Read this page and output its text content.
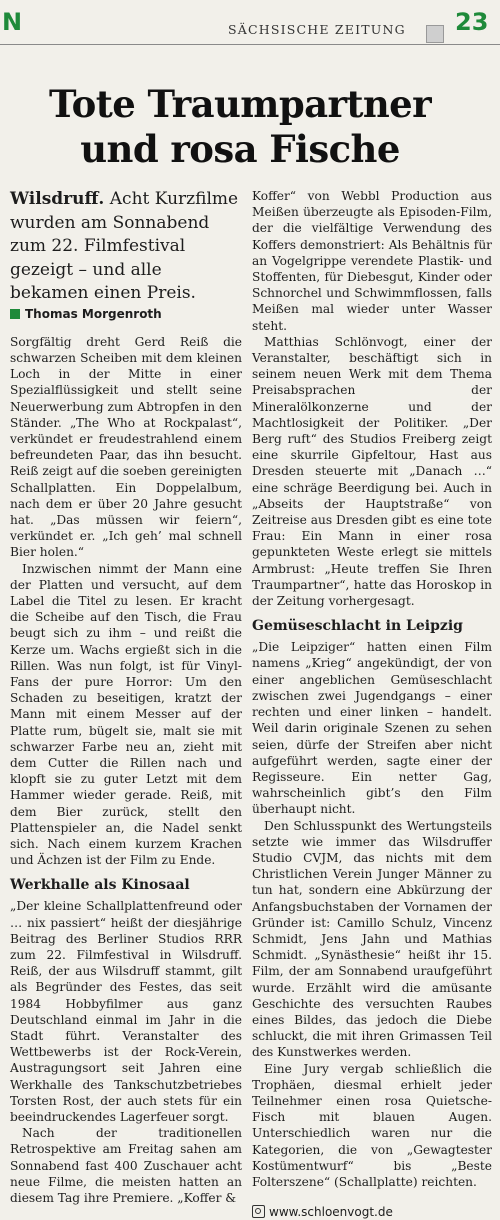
N	SÄCHSISCHE ZEITUNG 23
Tote Traumpartner und rosa Fische

Wilsdruff. Acht Kurzfilme wurden am Sonnabend zum 22. Filmfestival gezeigt – und alle bekamen einen Preis.

Thomas Morgenroth

Sorgfältig dreht Gerd Reiß die schwarzen Scheiben mit dem kleinen Loch in der Mitte in einer Spezialflüssigkeit und stellt seine Neuerwerbung zum Abtropfen in den Ständer. „The Who at Rockpalast“, verkündet er freudestrahlend einem befreundeten Paar, das ihn besucht. Reiß zeigt auf die soeben gereinigten Schallplatten. Ein Doppelalbum, nach dem er über 20 Jahre gesucht hat. „Das müssen wir feiern“, verkündet er. „Ich geh’ mal schnell Bier holen.“

Inzwischen nimmt der Mann eine der Platten und versucht, auf dem Label die Titel zu lesen. Er kracht die Scheibe auf den Tisch, die Frau beugt sich zu ihm – und reißt die Kerze um. Wachs ergießt sich in die Rillen. Was nun folgt, ist für Vinyl-Fans der pure Horror: Um den Schaden zu beseitigen, kratzt der Mann mit einem Messer auf der Platte rum, bügelt sie, malt sie mit schwarzer Farbe neu an, zieht mit dem Cutter die Rillen nach und klopft sie zu guter Letzt mit dem Hammer wieder gerade. Reiß, mit dem Bier zurück, stellt den Plattenspieler an, die Nadel senkt sich. Nach einem kurzem Krachen und Ächzen ist der Film zu Ende.

Werkhalle als Kinosaal

„Der kleine Schallplattenfreund oder … nix passiert“ heißt der diesjährige Beitrag des Berliner Studios RRR zum 22. Filmfestival in Wilsdruff. Reiß, der aus Wilsdruff stammt, gilt als Begründer des Festes, das seit 1984 Hobbyfilmer aus ganz Deutschland einmal im Jahr in die Stadt führt. Veranstalter des Wettbewerbs ist der Rock-Verein, Austragungsort seit Jahren eine Werkhalle des Tankschutzbetriebes Torsten Rost, der auch stets für ein beeindruckendes Lagerfeuer sorgt.

Nach der traditionellen Retrospektive am Freitag sahen am Sonnabend fast 400 Zuschauer acht neue Filme, die meisten hatten an diesem Tag ihre Premiere. „Koffer &

Koffer“ von Webbl Production aus Meißen überzeugte als Episoden-Film, der die vielfältige Verwendung des Koffers demonstriert: Als Behältnis für an Vogelgrippe verendete Plastik- und Stoffenten, für Diebesgut, Kinder oder Schnorchel und Schwimmflossen, falls Meißen mal wieder unter Wasser steht.

Matthias Schlönvogt, einer der Veranstalter, beschäftigt sich in seinem neuen Werk mit dem Thema Preisabsprachen der Mineralölkonzerne und der Machtlosigkeit der Politiker. „Der Berg ruft“ des Studios Freiberg zeigt eine skurrile Gipfeltour, Hast aus Dresden steuerte mit „Danach …“ eine schräge Beerdigung bei. Auch in „Abseits der Hauptstraße“ von Zeitreise aus Dresden gibt es eine tote Frau: Ein Mann in einer rosa gepunkteten Weste erlegt sie mittels Armbrust: „Heute treffen Sie Ihren Traumpartner“, hatte das Horoskop in der Zeitung vorhergesagt.

Gemüseschlacht in Leipzig

„Die Leipziger“ hatten einen Film namens „Krieg“ angekündigt, der von einer angeblichen Gemüseschlacht zwischen zwei Jugendgangs – einer rechten und einer linken – handelt. Weil darin originale Szenen zu sehen seien, dürfe der Streifen aber nicht aufgeführt werden, sagte einer der Regisseure. Ein netter Gag, wahrscheinlich gibt’s den Film überhaupt nicht.

Den Schlusspunkt des Wertungsteils setzte wie immer das Wilsdruffer Studio CVJM, das nichts mit dem Christlichen Verein Junger Männer zu tun hat, sondern eine Abkürzung der Anfangsbuchstaben der Vornamen der Gründer ist: Camillo Schulz, Vincenz Schmidt, Jens Jahn und Mathias Schmidt. „Synästhesie“ heißt ihr 15. Film, der am Sonnabend uraufgeführt wurde. Erzählt wird die amüsante Geschichte des versuchten Raubes eines Bildes, das jedoch die Diebe schluckt, die mit ihren Grimassen Teil des Kunstwerkes werden.

Eine Jury vergab schließlich die Trophäen, diesmal erhielt jeder Teilnehmer einen rosa Quietsche-Fisch mit blauen Augen. Unterschiedlich waren nur die Kategorien, die von „Gewagtester Kostümentwurf“ bis „Beste Folterszene“ (Schallplatte) reichten.

www.schloenvogt.de
